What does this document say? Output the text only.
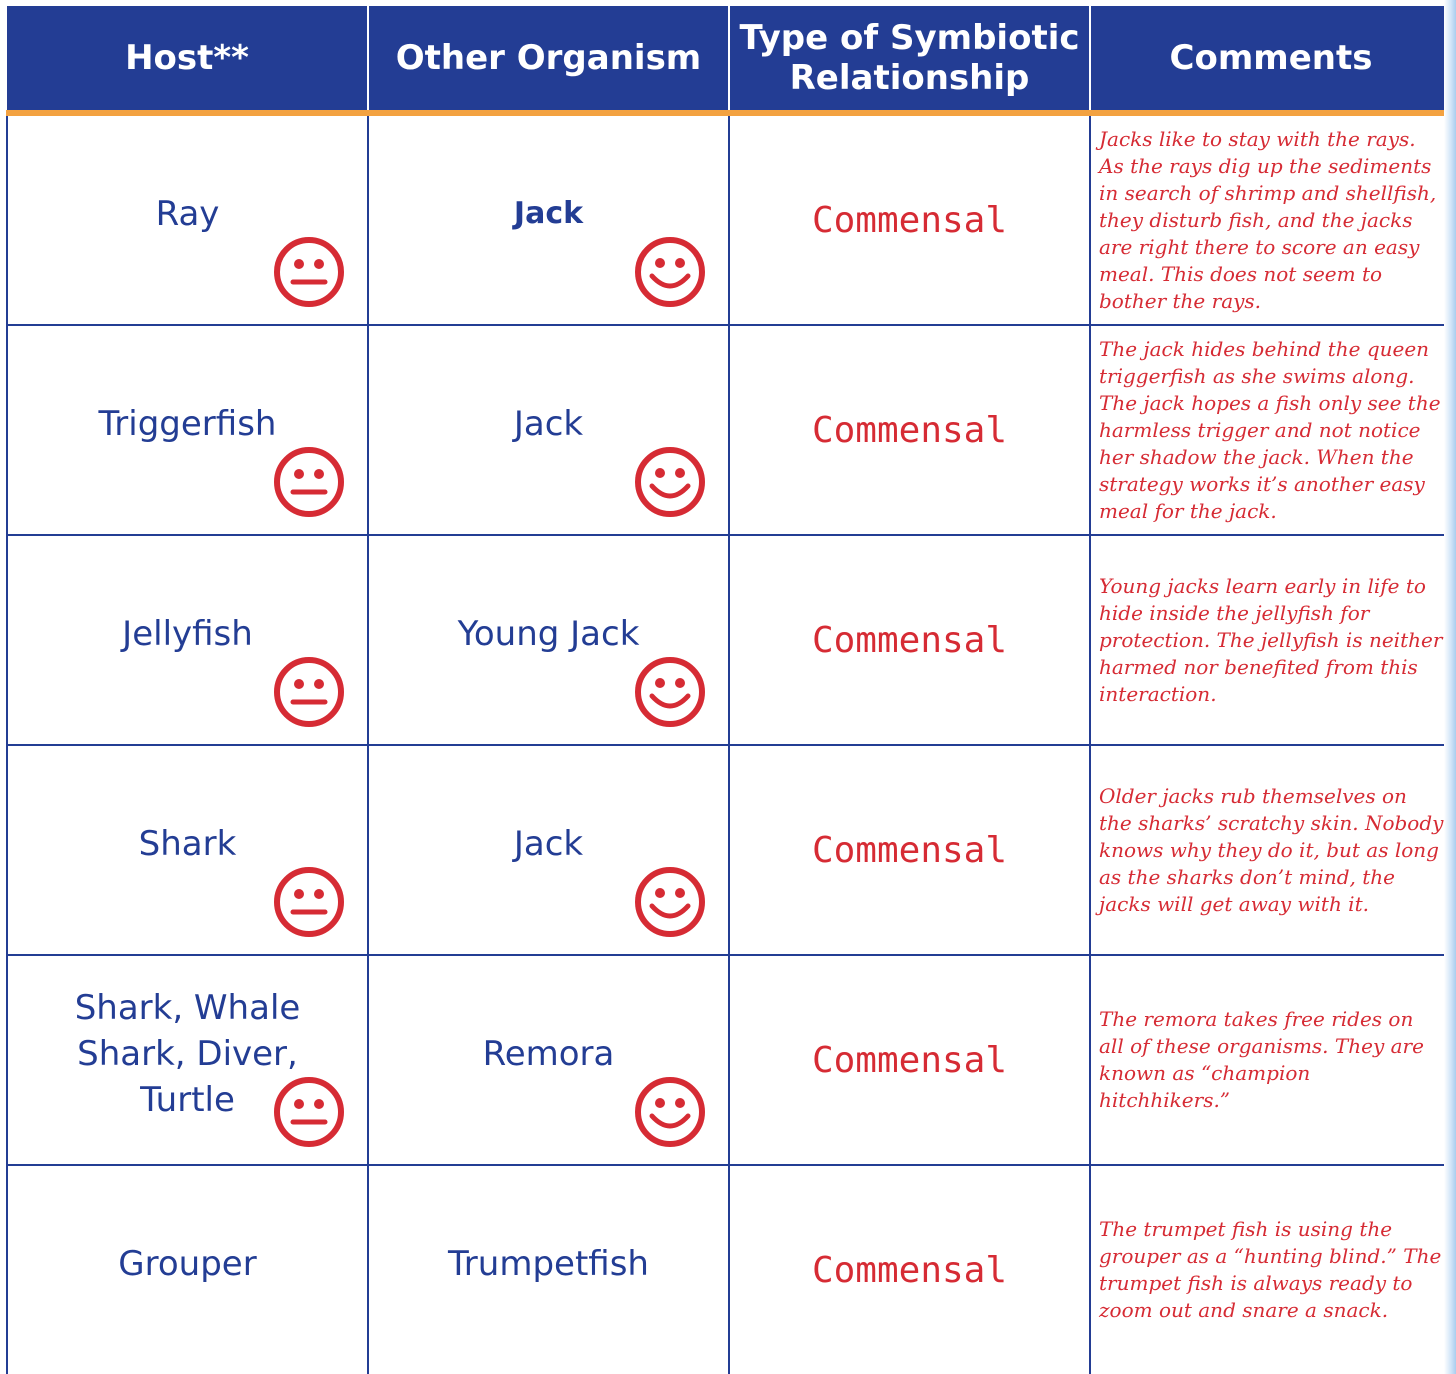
Host**	Other Organism	Type of Symbiotic Relationship	Comments

Ray	Jack	Commensal	Jacks like to stay with the rays. As the rays dig up the sediments in search of shrimp and shellfish, they disturb fish, and the jacks are right there to score an easy meal. This does not seem to bother the rays.

Triggerfish	Jack	Commensal	The jack hides behind the queen triggerfish as she swims along. The jack hopes a fish only see the harmless trigger and not notice her shadow the jack. When the strategy works it’s another easy meal for the jack.

Jellyfish	Young Jack	Commensal	Young jacks learn early in life to hide inside the jellyfish for protection. The jellyfish is neither harmed nor benefited from this interaction.

Shark	Jack	Commensal	Older jacks rub themselves on the sharks’ scratchy skin. Nobody knows why they do it, but as long as the sharks don’t mind, the jacks will get away with it.

Shark, Whale Shark, Diver, Turtle	Remora	Commensal	The remora takes free rides on all of these organisms. They are known as “champion hitchhikers.”

Grouper	Trumpetfish	Commensal	The trumpet fish is using the grouper as a “hunting blind.” The trumpet fish is always ready to zoom out and snare a snack.
